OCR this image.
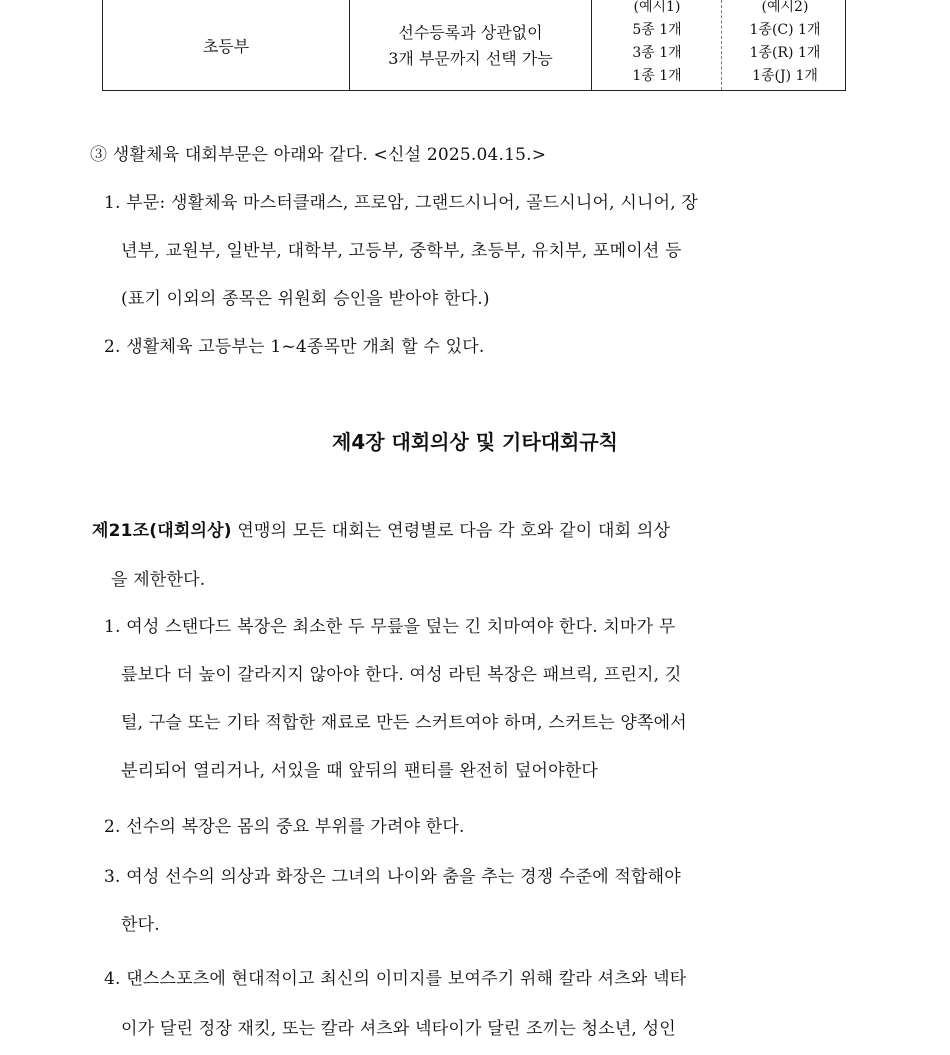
초등부
선수등록과 상관없이
3개 부문까지 선택 가능
(예시1)
5종 1개
3종 1개
1종 1개
(예시2)
1종(C) 1개
1종(R) 1개
1종(J) 1개
③ 생활체육 대회부문은 아래와 같다. <신설 2025.04.15.>
1. 부문: 생활체육 마스터클래스, 프로암, 그랜드시니어, 골드시니어, 시니어, 장
년부, 교원부, 일반부, 대학부, 고등부, 중학부, 초등부, 유치부, 포메이션 등
(표기 이외의 종목은 위원회 승인을 받아야 한다.)
2. 생활체육 고등부는 1~4종목만 개최 할 수 있다.
제4장 대회의상 및 기타대회규칙
제21조(대회의상) 연맹의 모든 대회는 연령별로 다음 각 호와 같이 대회 의상
을 제한한다.
1. 여성 스탠다드 복장은 최소한 두 무릎을 덮는 긴 치마여야 한다. 치마가 무
릎보다 더 높이 갈라지지 않아야 한다. 여성 라틴 복장은 패브릭, 프린지, 깃
털, 구슬 또는 기타 적합한 재료로 만든 스커트여야 하며, 스커트는 양쪽에서
분리되어 열리거나, 서있을 때 앞뒤의 팬티를 완전히 덮어야한다
2. 선수의 복장은 몸의 중요 부위를 가려야 한다.
3. 여성 선수의 의상과 화장은 그녀의 나이와 춤을 추는 경쟁 수준에 적합해야
한다.
4. 댄스스포츠에 현대적이고 최신의 이미지를 보여주기 위해 칼라 셔츠와 넥타
이가 달린 정장 재킷, 또는 칼라 셔츠와 넥타이가 달린 조끼는 청소년, 성인
